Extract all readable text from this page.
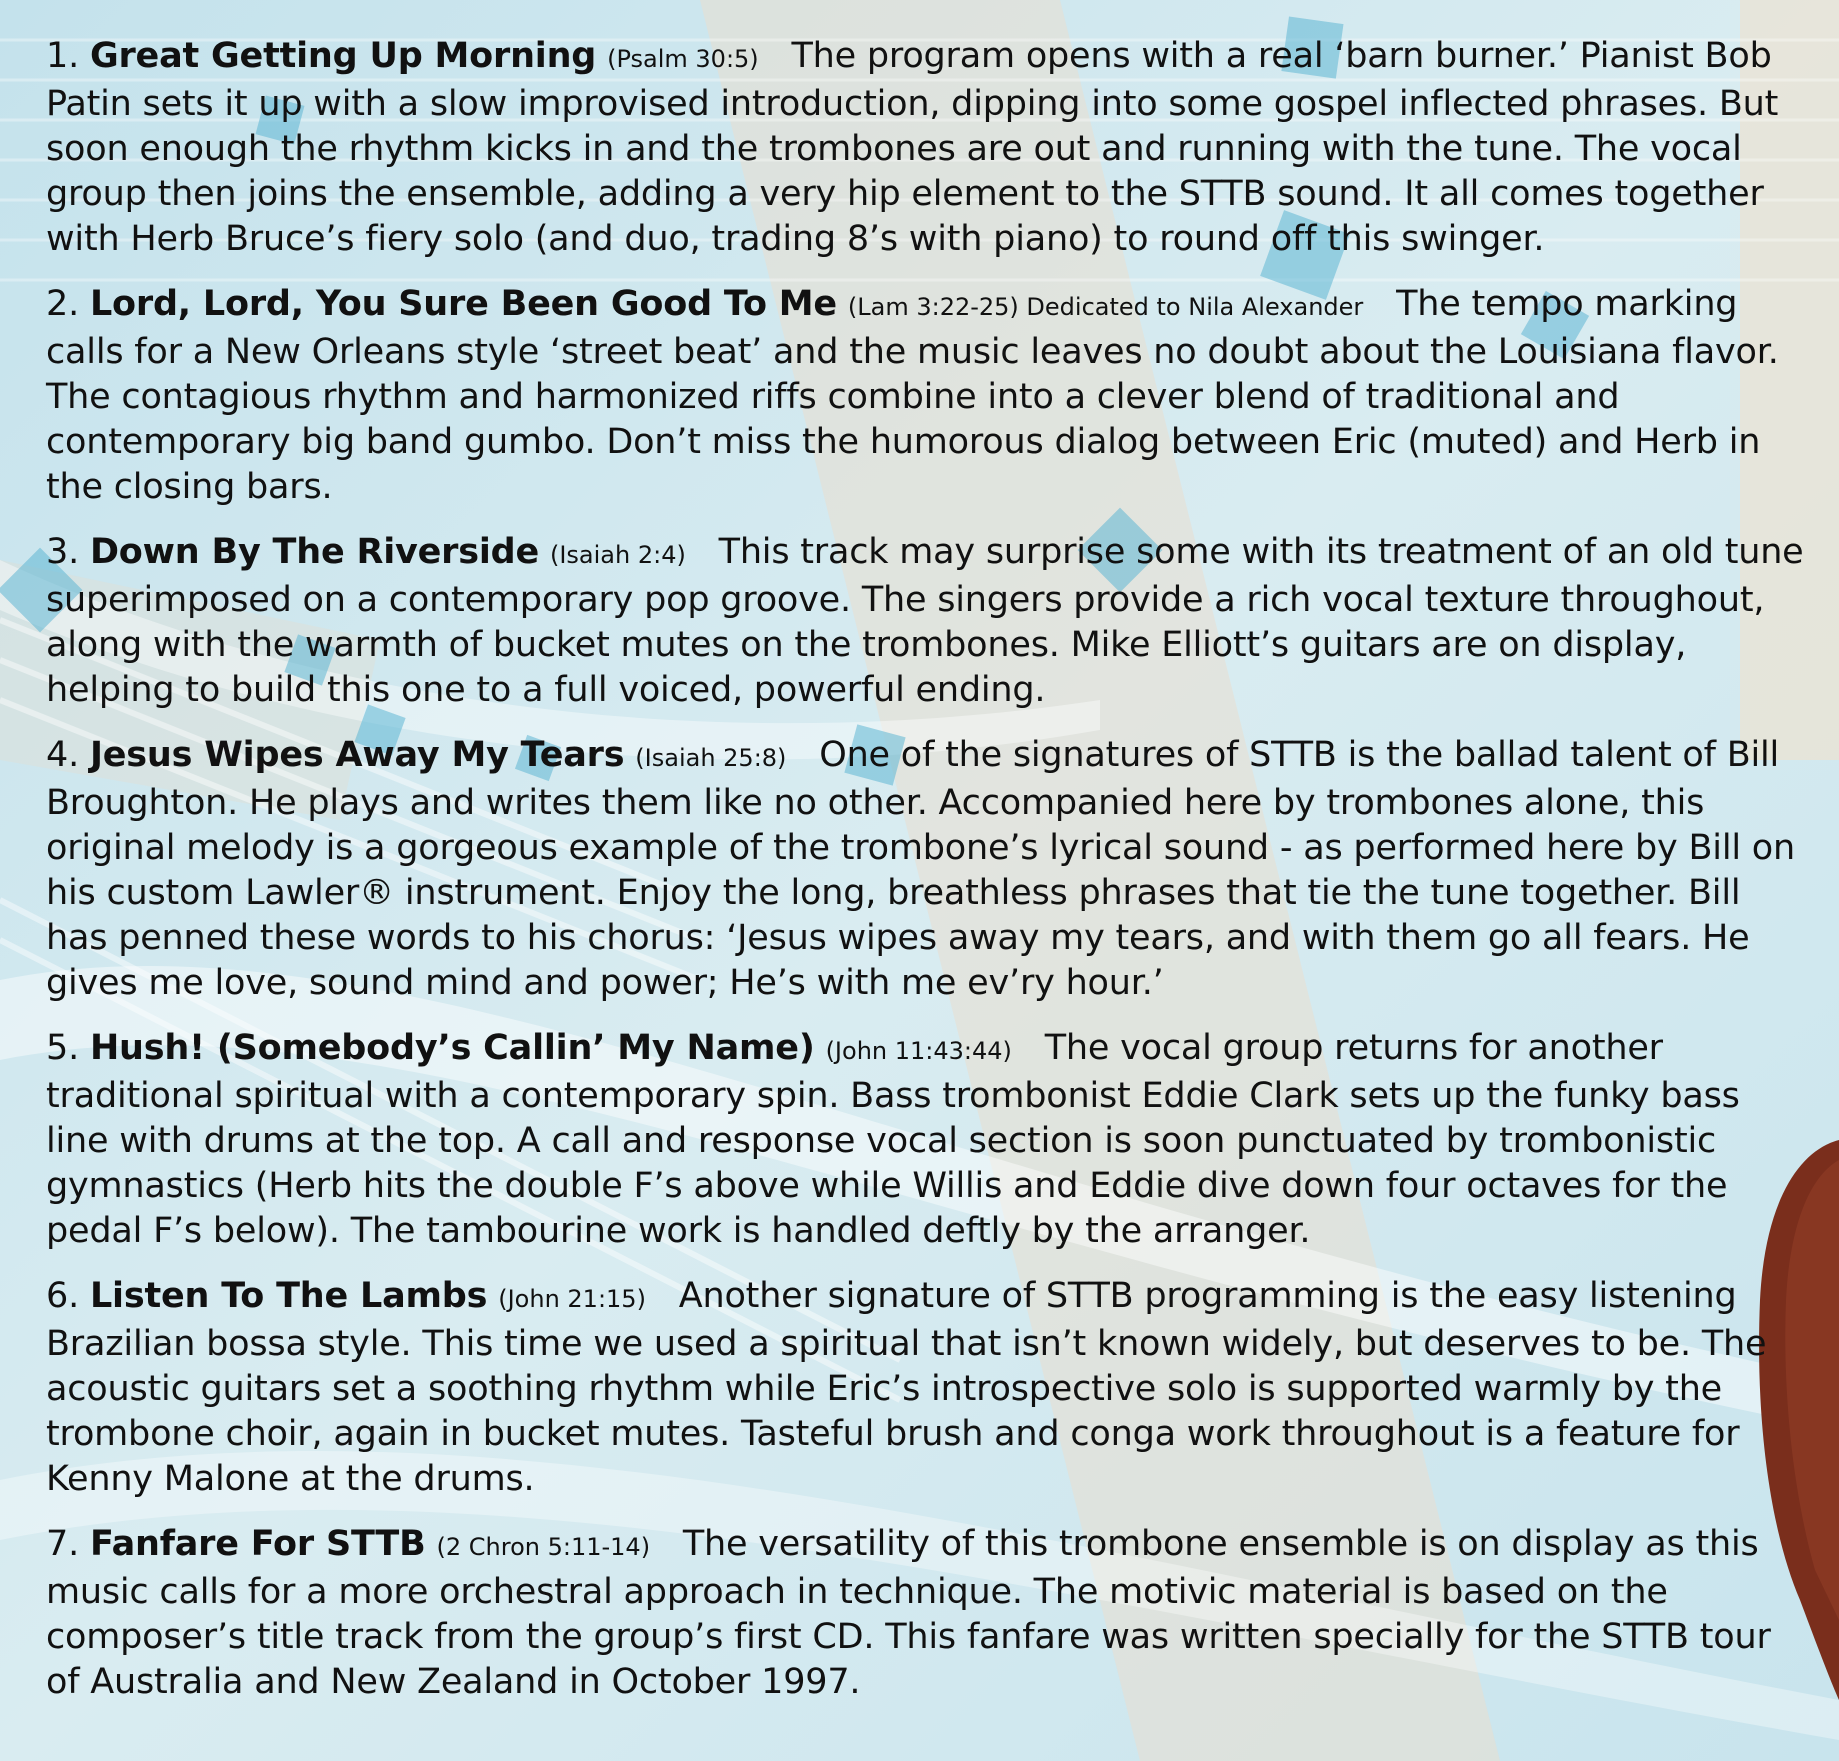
1. Great Getting Up Morning (Psalm 30:5) The program opens with a real ‘barn burner.’ Pianist Bob Patin sets it up with a slow improvised introduction, dipping into some gospel inflected phrases. But soon enough the rhythm kicks in and the trombones are out and running with the tune. The vocal group then joins the ensemble, adding a very hip element to the STTB sound. It all comes together with Herb Bruce’s fiery solo (and duo, trading 8’s with piano) to round off this swinger.

2. Lord, Lord, You Sure Been Good To Me (Lam 3:22-25) Dedicated to Nila Alexander The tempo marking calls for a New Orleans style ‘street beat’ and the music leaves no doubt about the Louisiana flavor. The contagious rhythm and harmonized riffs combine into a clever blend of traditional and contemporary big band gumbo. Don’t miss the humorous dialog between Eric (muted) and Herb in the closing bars.

3. Down By The Riverside (Isaiah 2:4) This track may surprise some with its treatment of an old tune superimposed on a contemporary pop groove. The singers provide a rich vocal texture throughout, along with the warmth of bucket mutes on the trombones. Mike Elliott’s guitars are on display, helping to build this one to a full voiced, powerful ending.

4. Jesus Wipes Away My Tears (Isaiah 25:8) One of the signatures of STTB is the ballad talent of Bill Broughton. He plays and writes them like no other. Accompanied here by trombones alone, this original melody is a gorgeous example of the trombone’s lyrical sound - as performed here by Bill on his custom Lawler® instrument. Enjoy the long, breathless phrases that tie the tune together. Bill has penned these words to his chorus: ‘Jesus wipes away my tears, and with them go all fears. He gives me love, sound mind and power; He’s with me ev’ry hour.’

5. Hush! (Somebody’s Callin’ My Name) (John 11:43:44) The vocal group returns for another traditional spiritual with a contemporary spin. Bass trombonist Eddie Clark sets up the funky bass line with drums at the top. A call and response vocal section is soon punctuated by trombonistic gymnastics (Herb hits the double F’s above while Willis and Eddie dive down four octaves for the pedal F’s below). The tambourine work is handled deftly by the arranger.

6. Listen To The Lambs (John 21:15) Another signature of STTB programming is the easy listening Brazilian bossa style. This time we used a spiritual that isn’t known widely, but deserves to be. The acoustic guitars set a soothing rhythm while Eric’s introspective solo is supported warmly by the trombone choir, again in bucket mutes. Tasteful brush and conga work throughout is a feature for Kenny Malone at the drums.

7. Fanfare For STTB (2 Chron 5:11-14) The versatility of this trombone ensemble is on display as this music calls for a more orchestral approach in technique. The motivic material is based on the composer’s title track from the group’s first CD. This fanfare was written specially for the STTB tour of Australia and New Zealand in October 1997.
